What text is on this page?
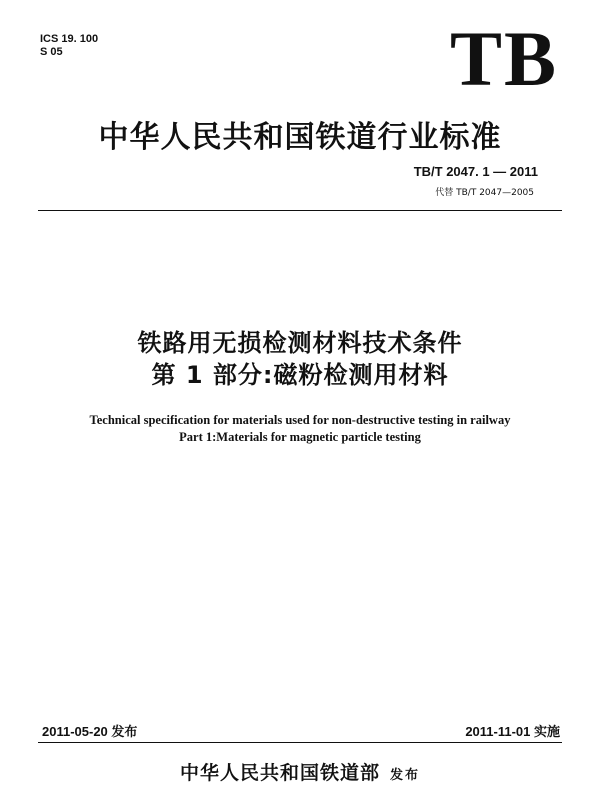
ICS 19. 100
S 05	TB
中华人民共和国铁道行业标准
TB/T 2047. 1 — 2011
代替 TB/T 2047—2005
铁路用无损检测材料技术条件
第 1 部分:磁粉检测用材料
Technical specification for materials used for non-destructive testing in railway
Part 1:Materials for magnetic particle testing
2011-05-20 发布	2011-11-01 实施
中华人民共和国铁道部 发布
